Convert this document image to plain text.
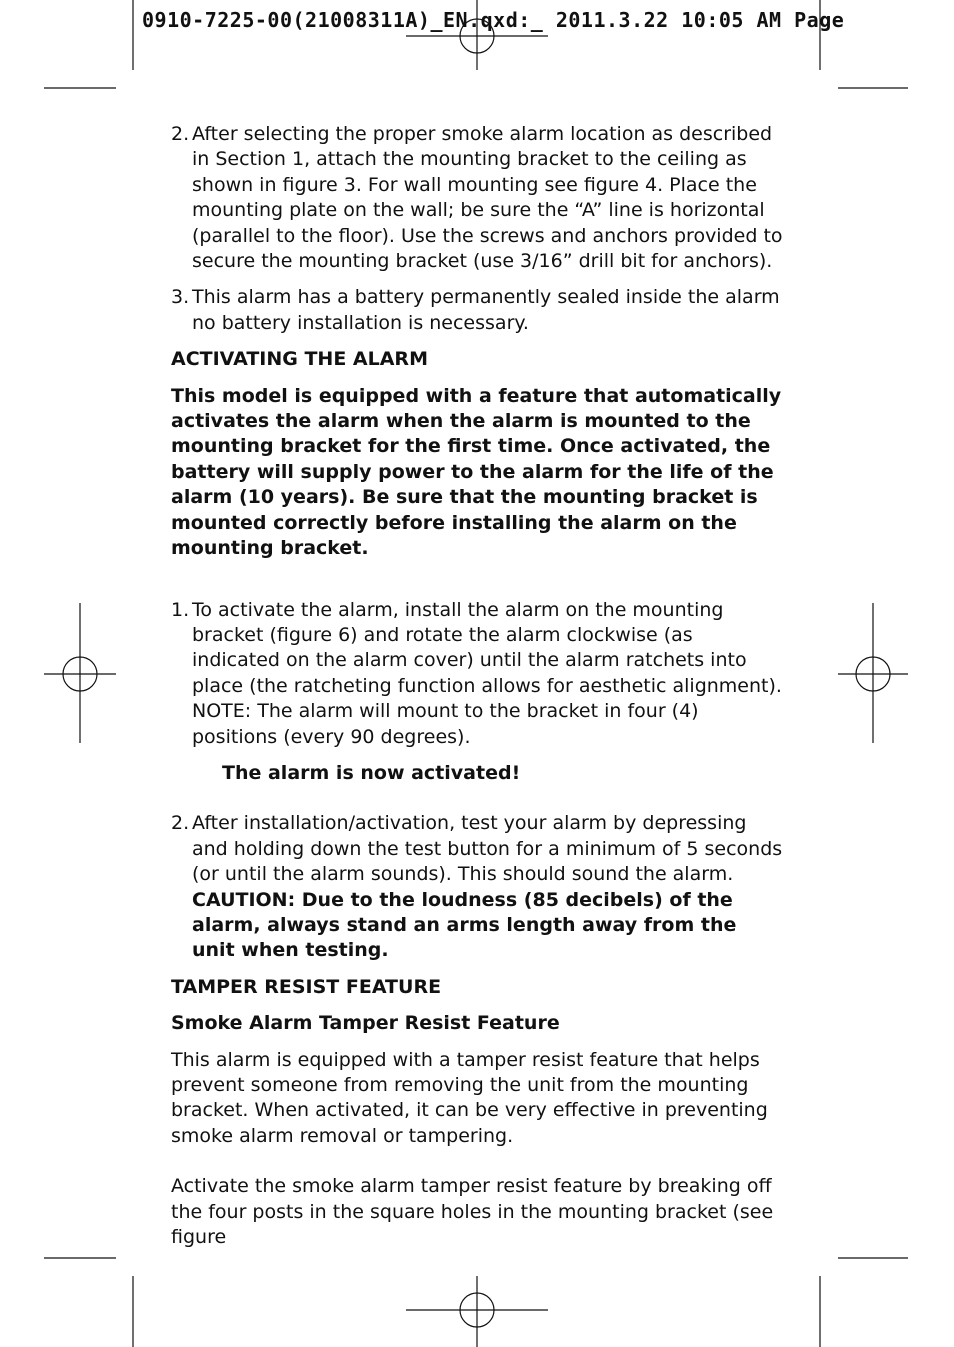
0910-7225-00(21008311A)_EN.qxd:_ 2011.3.22 10:05 AM Page
2. After selecting the proper smoke alarm location as described in Section 1, attach the mounting bracket to the ceiling as shown in figure 3. For wall mounting see figure 4. Place the mounting plate on the wall; be sure the “A” line is horizontal (parallel to the floor). Use the screws and anchors provided to secure the mounting bracket (use 3/16” drill bit for anchors).
3. This alarm has a battery permanently sealed inside the alarm no battery installation is necessary.
ACTIVATING THE ALARM
This model is equipped with a feature that automatically activates the alarm when the alarm is mounted to the mounting bracket for the first time. Once activated, the battery will supply power to the alarm for the life of the alarm (10 years). Be sure that the mounting bracket is mounted correctly before installing the alarm on the mounting bracket.
1. To activate the alarm, install the alarm on the mounting bracket (figure 6) and rotate the alarm clockwise (as indicated on the alarm cover) until the alarm ratchets into place (the ratcheting function allows for aesthetic alignment). NOTE: The alarm will mount to the bracket in four (4) positions (every 90 degrees).
The alarm is now activated!
2. After installation/activation, test your alarm by depressing and holding down the test button for a minimum of 5 seconds (or until the alarm sounds). This should sound the alarm.  CAUTION: Due to the loudness (85 decibels) of the alarm, always stand an arms length away from the unit when testing.
TAMPER RESIST FEATURE
Smoke Alarm Tamper Resist Feature

This alarm is equipped with a tamper resist feature that helps prevent someone from removing the unit from the mounting bracket. When activated, it can be very effective in preventing smoke alarm removal or tampering.

Activate the smoke alarm tamper resist feature by breaking off the four posts in the square holes in the mounting bracket (see figure
